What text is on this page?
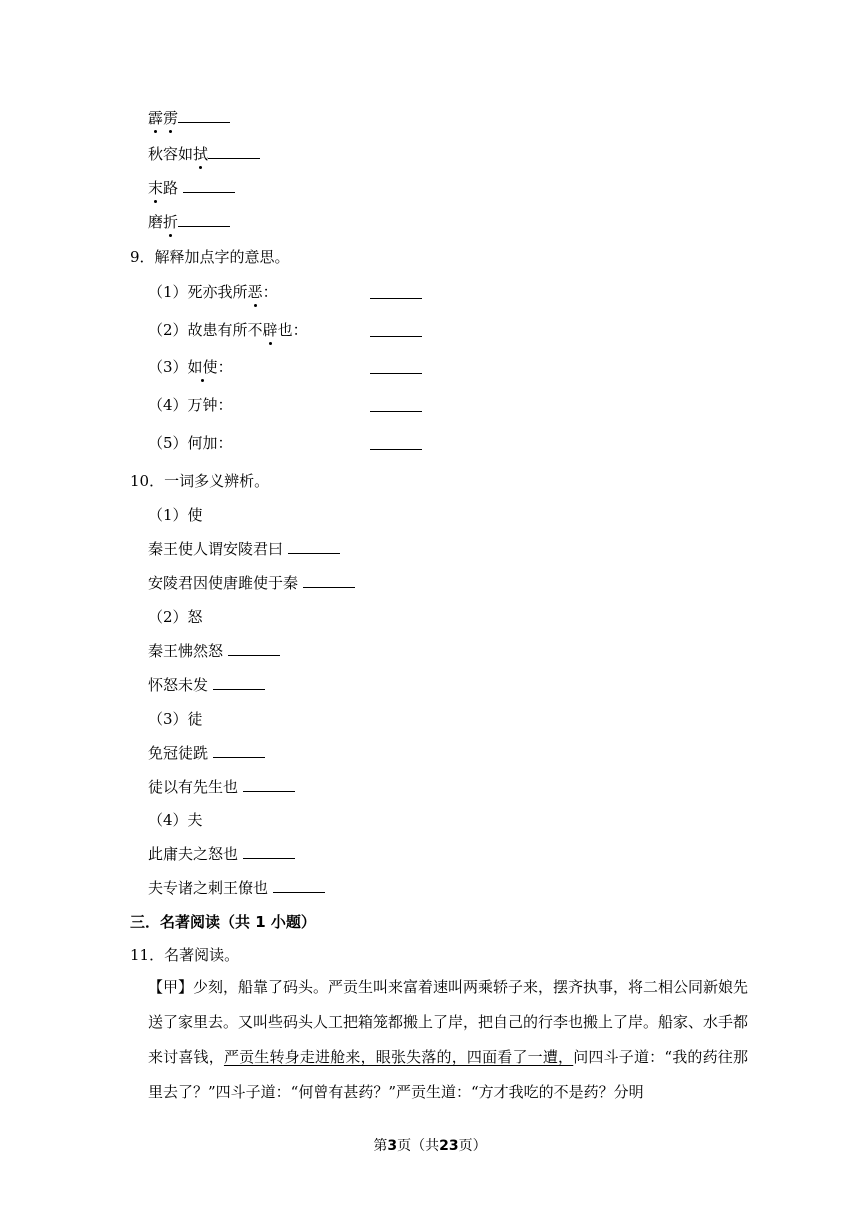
霹雳
秋容如拭
末路
磨折
9．解释加点字的意思。
（1）死亦我所恶：
（2）故患有所不辟也：
（3）如使：
（4）万钟：
（5）何加：
10．一词多义辨析。
（1）使
秦王使人谓安陵君曰
安陵君因使唐雎使于秦
（2）怒
秦王怫然怒
怀怒未发
（3）徒
免冠徒跣
徒以有先生也
（4）夫
此庸夫之怒也
夫专诸之刺王僚也
三．名著阅读（共 1 小题）
11．名著阅读。

【甲】少刻，船靠了码头。严贡生叫来富着速叫两乘轿子来，摆齐执事，将二相公同新娘先送了家里去。又叫些码头人工把箱笼都搬上了岸，把自己的行李也搬上了岸。船家、水手都来讨喜钱，严贡生转身走进舱来，眼张失落的，四面看了一遭，问四斗子道：“我的药往那里去了？”四斗子道：“何曾有甚药？”严贡生道：“方才我吃的不是药？分明

第3页（共23页）
